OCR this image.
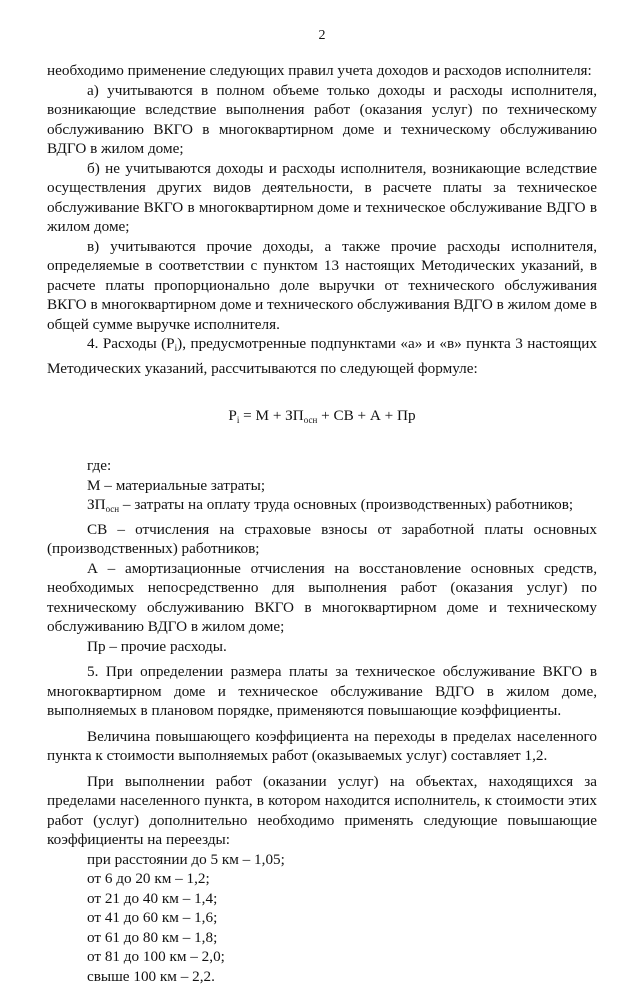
2

необходимо применение следующих правил учета доходов и расходов исполнителя:

а) учитываются в полном объеме только доходы и расходы исполнителя, возникающие вследствие выполнения работ (оказания услуг) по техническому обслуживанию ВКГО в многоквартирном доме и техническому обслуживанию ВДГО в жилом доме;

б) не учитываются доходы и расходы исполнителя, возникающие вследствие осуществления других видов деятельности, в расчете платы за техническое обслуживание ВКГО в многоквартирном доме и техническое обслуживание ВДГО в жилом доме;

в) учитываются прочие доходы, а также прочие расходы исполнителя, определяемые в соответствии с пунктом 13 настоящих Методических указаний, в расчете платы пропорционально доле выручки от технического обслуживания ВКГО в многоквартирном доме и технического обслуживания ВДГО в жилом доме в общей сумме выручке исполнителя.

4. Расходы $(Р_i)$, предусмотренные подпунктами «а» и «в» пункта 3 настоящих Методических указаний, рассчитываются по следующей формуле:

$P_i = М + ЗП_{осн}$ + СВ + А + Пр

где:

М – материальные затраты;

$ЗП_{осн}$ – затраты на оплату труда основных (производственных) работников;

СВ – отчисления на страховые взносы от заработной платы основных (производственных) работников;

А – амортизационные отчисления на восстановление основных средств, необходимых непосредственно для выполнения работ (оказания услуг) по техническому обслуживанию ВКГО в многоквартирном доме и техническому обслуживанию ВДГО в жилом доме;

Пр – прочие расходы.

5. При определении размера платы за техническое обслуживание ВКГО в многоквартирном доме и техническое обслуживание ВДГО в жилом доме, выполняемых в плановом порядке, применяются повышающие коэффициенты.

Величина повышающего коэффициента на переходы в пределах населенного пункта к стоимости выполняемых работ (оказываемых услуг) составляет 1,2.

При выполнении работ (оказании услуг) на объектах, находящихся за пределами населенного пункта, в котором находится исполнитель, к стоимости этих работ (услуг) дополнительно необходимо применять следующие повышающие коэффициенты на переезды:

при расстоянии до 5 км – 1,05;
от 6 до 20 км – 1,2;
от 21 до 40 км – 1,4;
от 41 до 60 км – 1,6;
от 61 до 80 км – 1,8;
от 81 до 100 км – 2,0;
свыше 100 км – 2,2.
